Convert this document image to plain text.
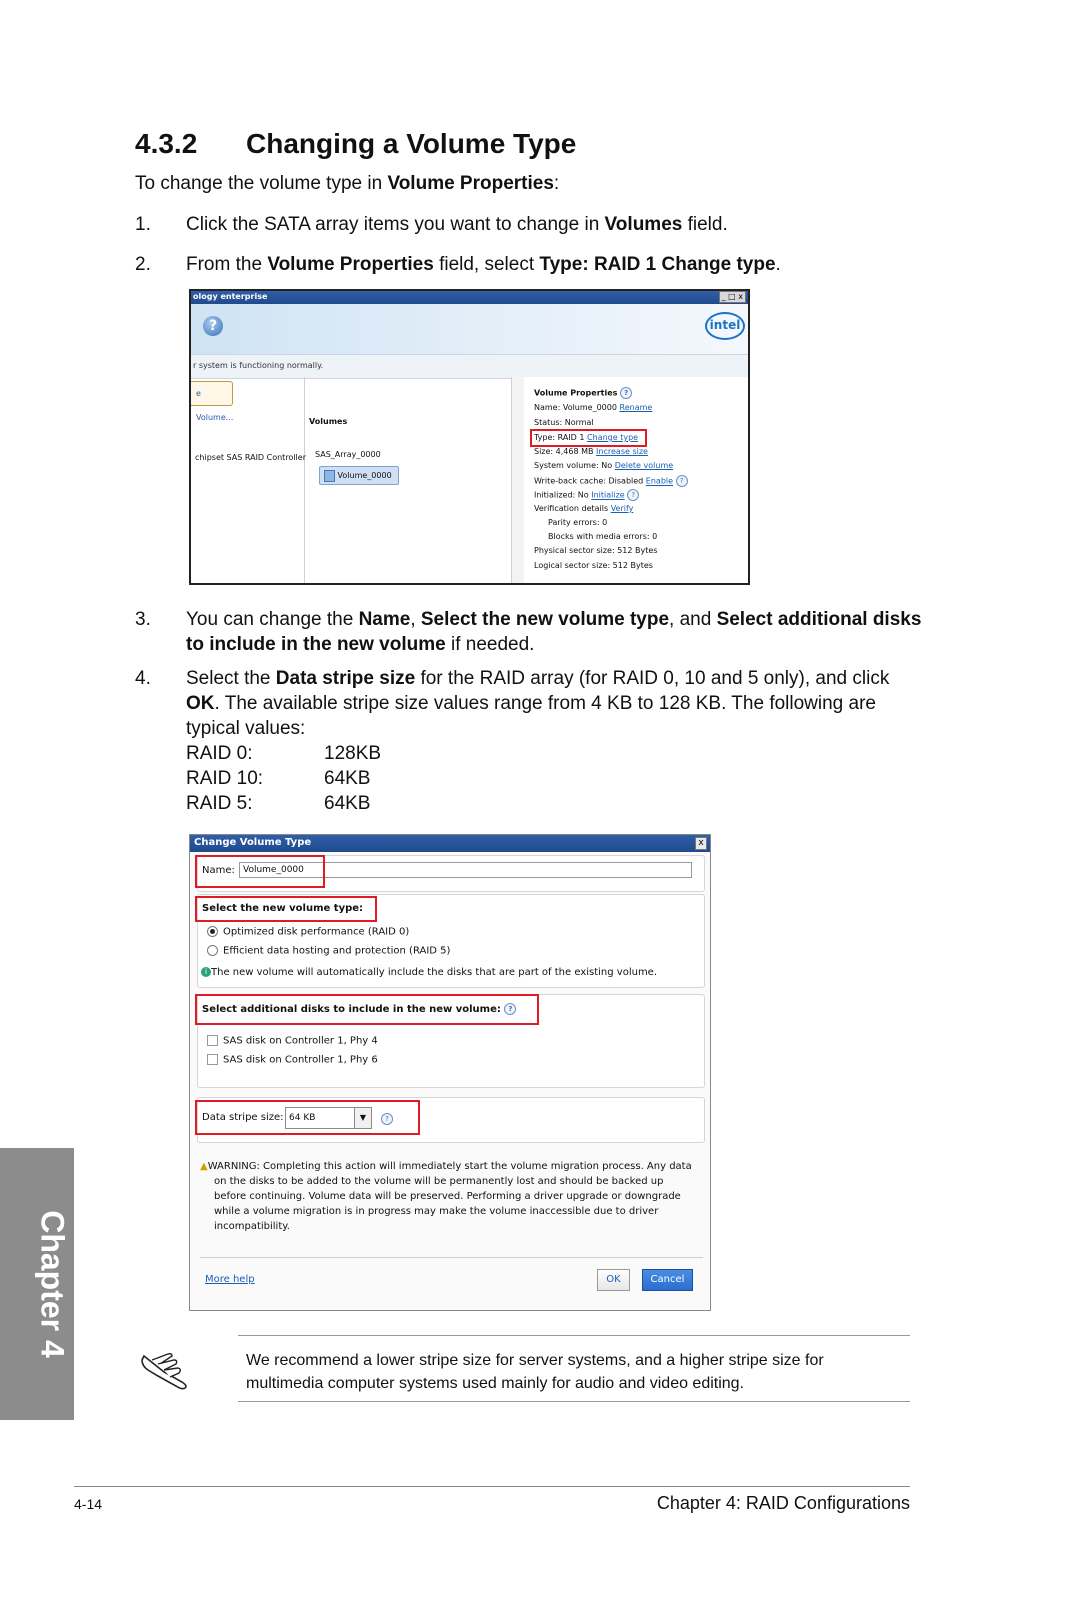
4.3.2 Changing a Volume Type
To change the volume type in Volume Properties:
1. Click the SATA array items you want to change in Volumes field.
2. From the Volume Properties field, select Type: RAID 1 Change type.
ology enterprise	_ □ x
?	intel
r system is functioning normally.
e Volume...	Volumes
chipset SAS RAID Controller SAS_Array_0000
Volume_0000
Volume Properties ?
Name: Volume_0000 Rename
Status: Normal
Type: RAID 1 Change type
Size: 4,468 MB Increase size
System volume: No Delete volume
Write-back cache: Disabled Enable ?
Initialized: No Initialize ?
Verification details Verify
Parity errors: 0
Blocks with media errors: 0
Physical sector size: 512 Bytes
Logical sector size: 512 Bytes
3. You can change the Name, Select the new volume type, and Select additional disks
to include in the new volume if needed.
4. Select the Data stripe size for the RAID array (for RAID 0, 10 and 5 only), and click
OK. The available stripe size values range from 4 KB to 128 KB. The following are
typical values:
RAID 0:	128KB
RAID 10:	64KB
RAID 5:	64KB
Change Volume Type	x
Name: Volume_0000
Select the new volume type:
Optimized disk performance (RAID 0)
Efficient data hosting and protection (RAID 5)
i The new volume will automatically include the disks that are part of the existing volume.
Select additional disks to include in the new volume: ?
SAS disk on Controller 1, Phy 4
SAS disk on Controller 1, Phy 6
Data stripe size: 64 KB	▼	?
▲WARNING: Completing this action will immediately start the volume migration process. Any data
on the disks to be added to the volume will be permanently lost and should be backed up
before continuing. Volume data will be preserved. Performing a driver upgrade or downgrade
while a volume migration is in progress may make the volume inaccessible due to driver
incompatibility.
More help	OK	Cancel
We recommend a lower stripe size for server systems, and a higher stripe size for
multimedia computer systems used mainly for audio and video editing.
Chapter 4
4-14	Chapter 4: RAID Configurations
